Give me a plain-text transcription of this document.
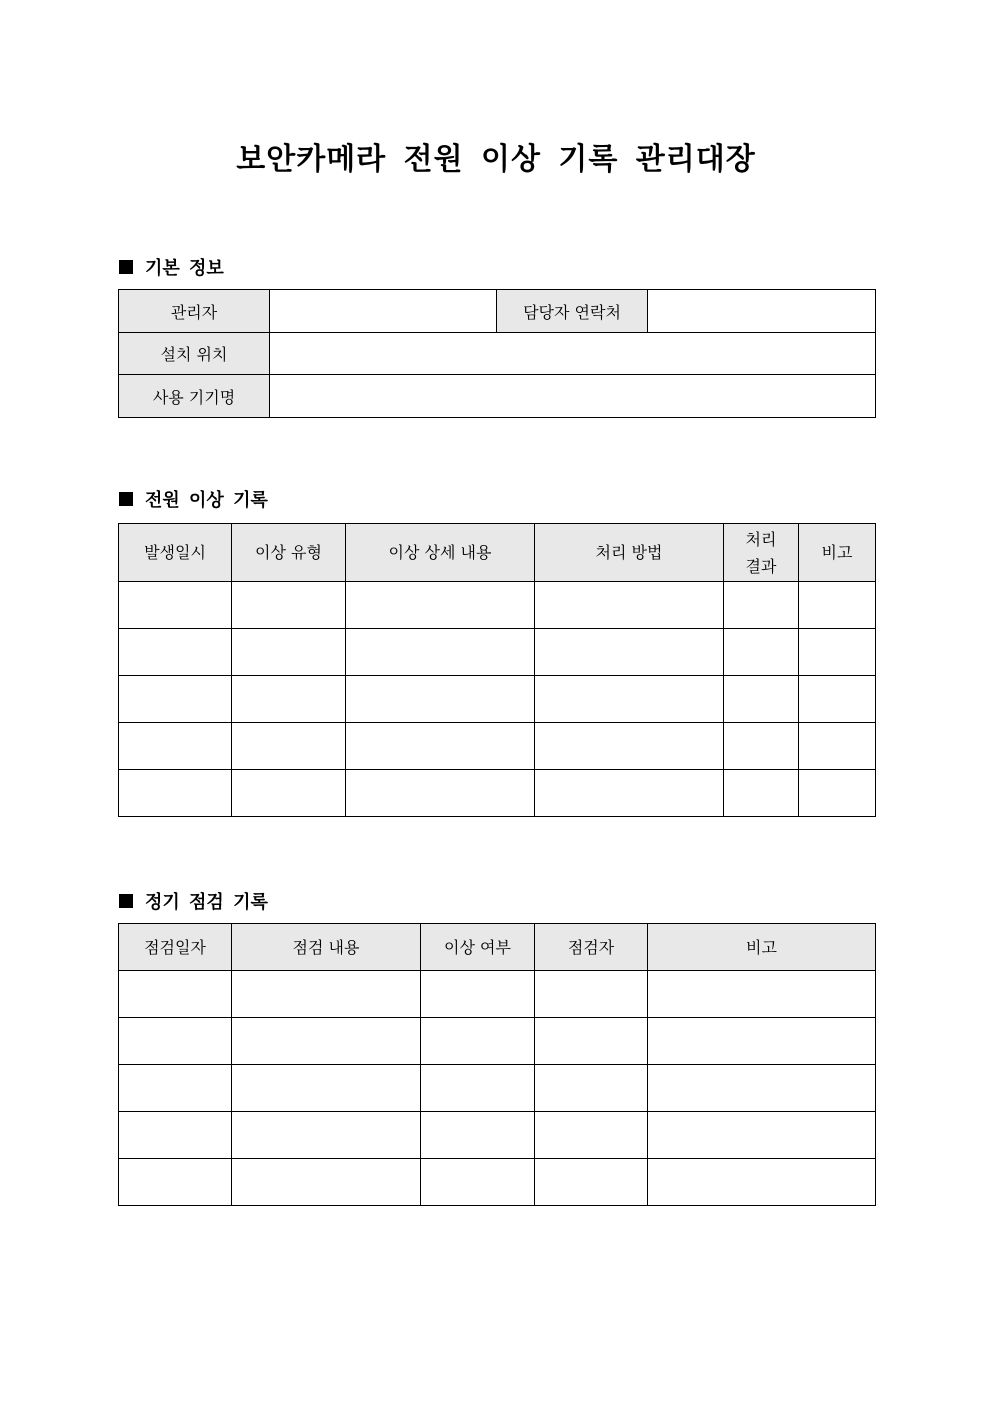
보안카메라 전원 이상 기록 관리대장
기본 정보
관리자		담당자 연락처	
설치 위치			
사용 기기명			
전원 이상 기록
발생일시	이상 유형	이상 상세 내용	처리 방법	처리 결과	비고

정기 점검 기록
점검일자	점검 내용	이상 여부	점검자	비고
